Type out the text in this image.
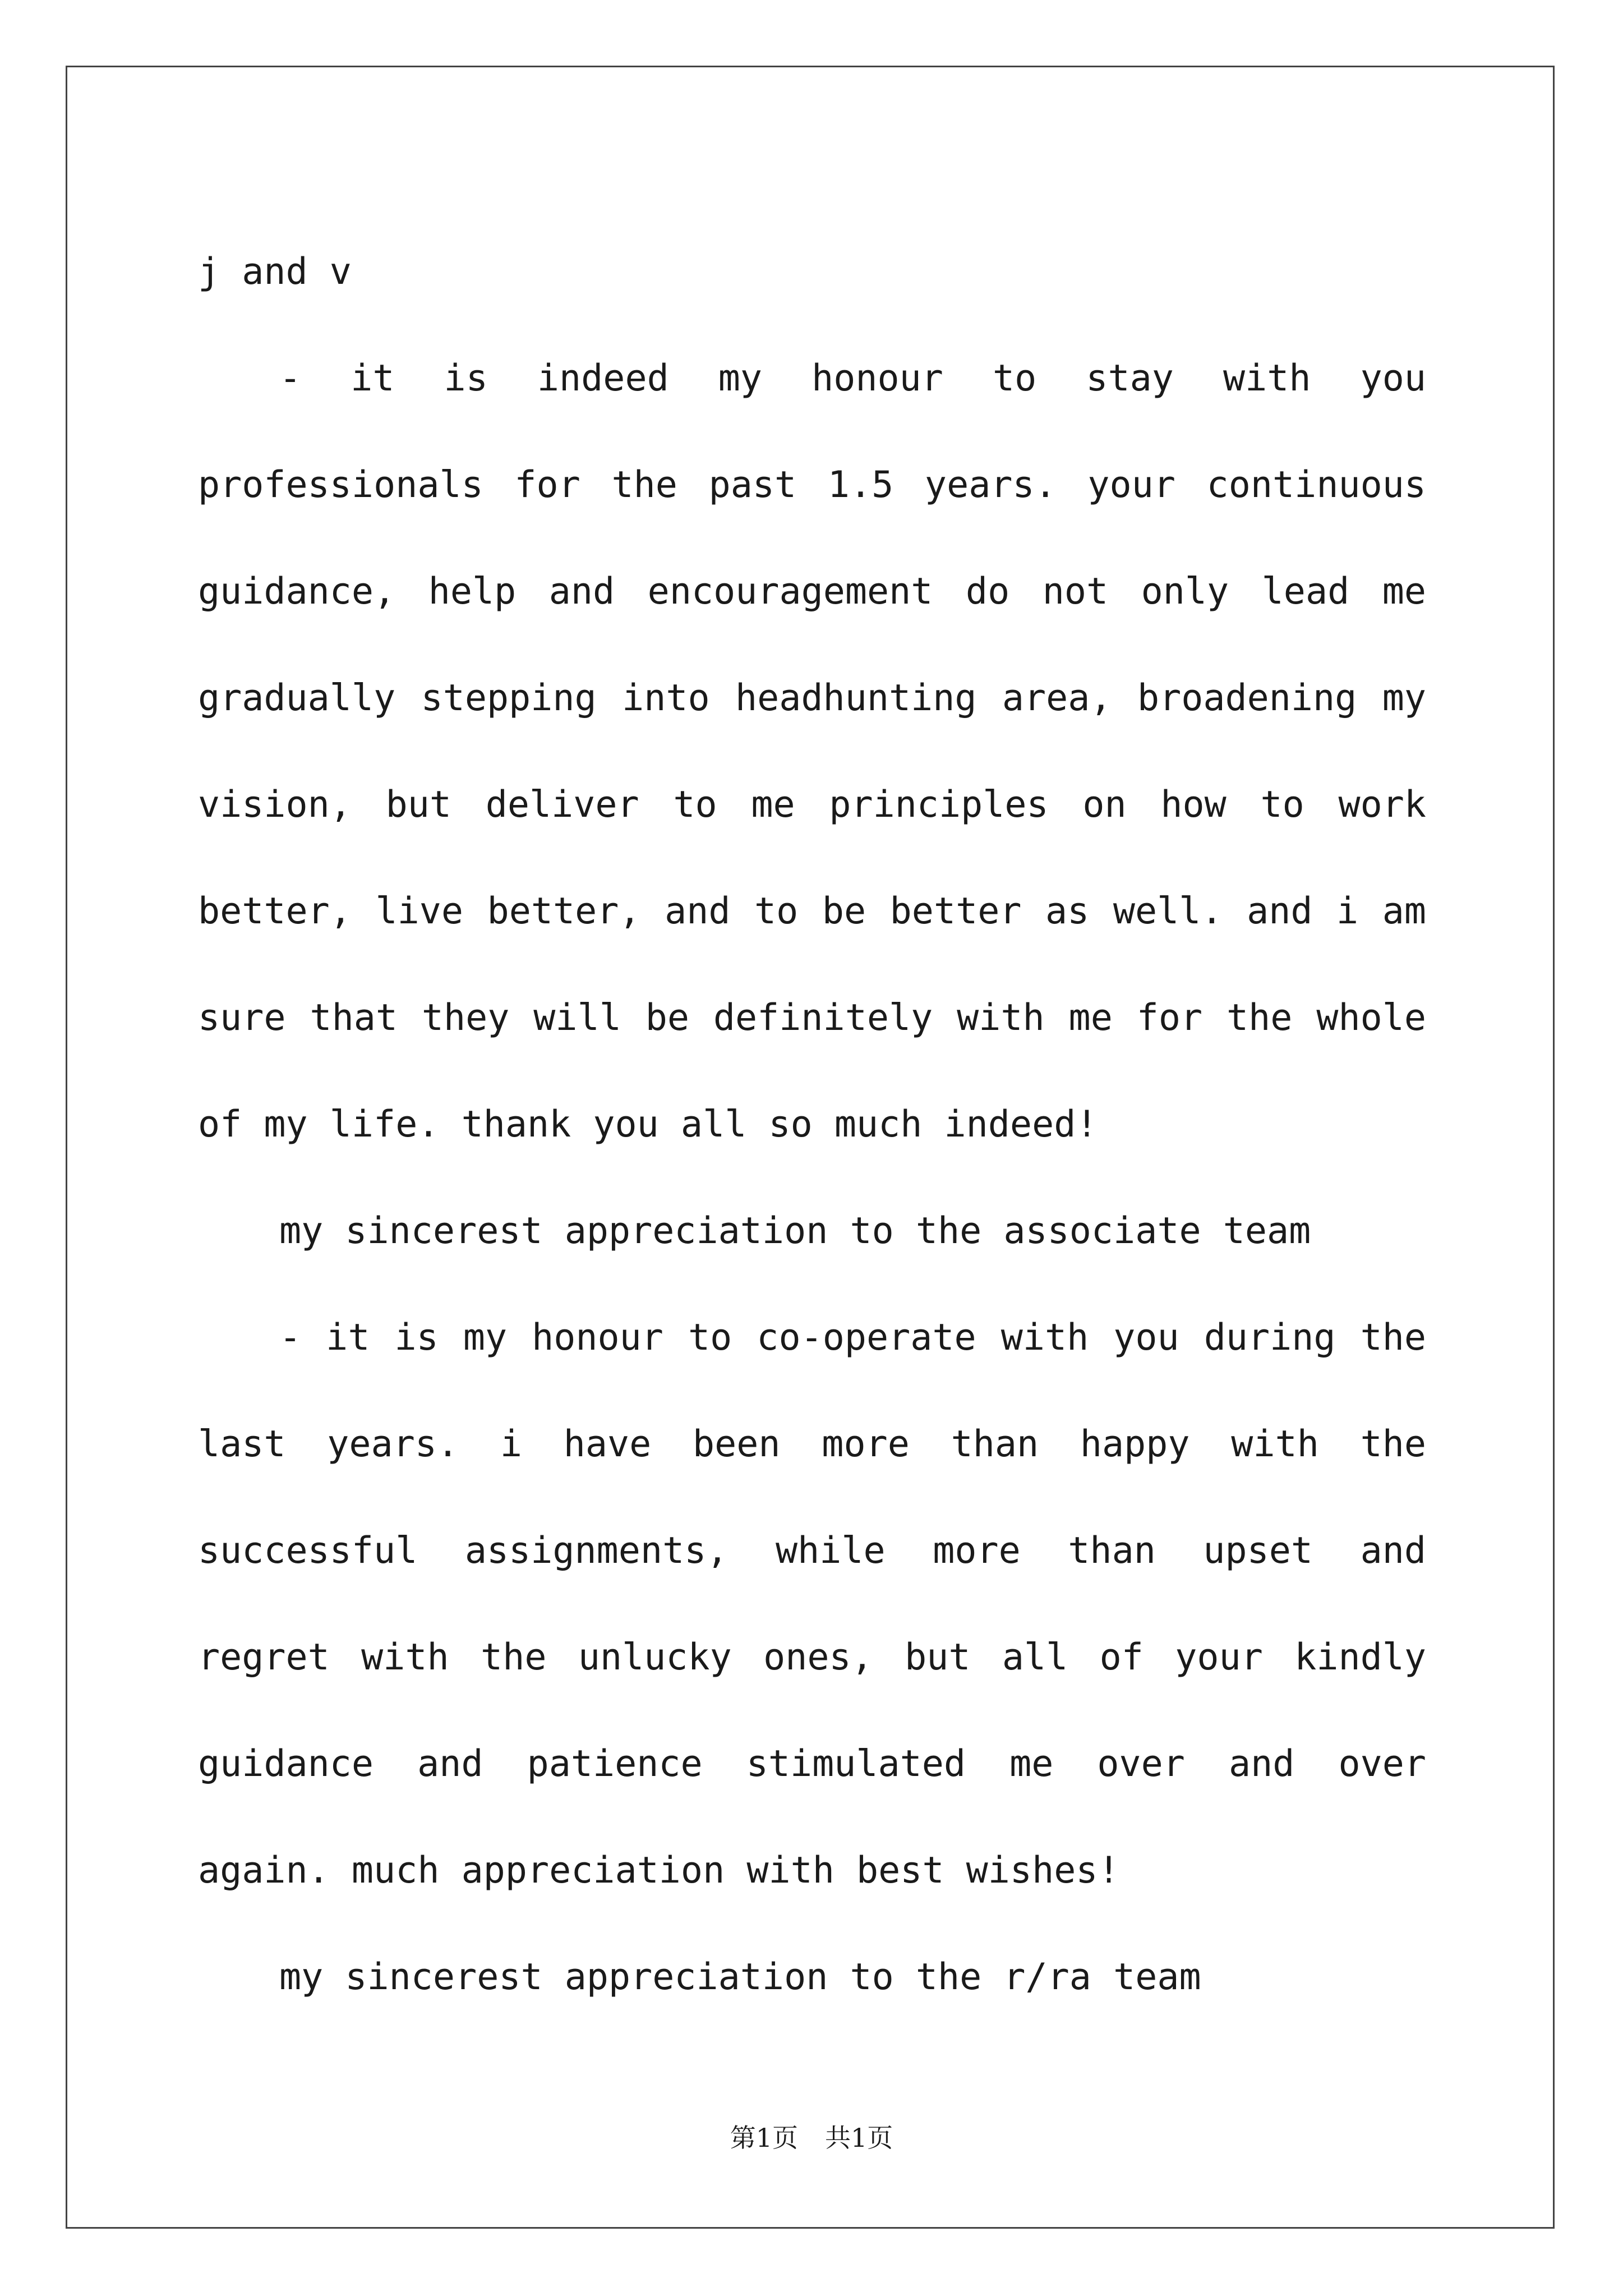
j and v

- it is indeed my honour to stay with you professionals for the past 1.5 years. your continuous guidance, help and encouragement do not only lead me gradually stepping into headhunting area, broadening my vision, but deliver to me principles on how to work better, live better, and to be better as well. and i am sure that they will be definitely with me for the whole of my life. thank you all so much indeed!

my sincerest appreciation to the associate team

- it is my honour to co-operate with you during the last years. i have been more than happy with the successful assignments, while more than upset and regret with the unlucky ones, but all of your kindly guidance and patience stimulated me over and over again. much appreciation with best wishes!

my sincerest appreciation to the r/ra team

第1页 共1页
